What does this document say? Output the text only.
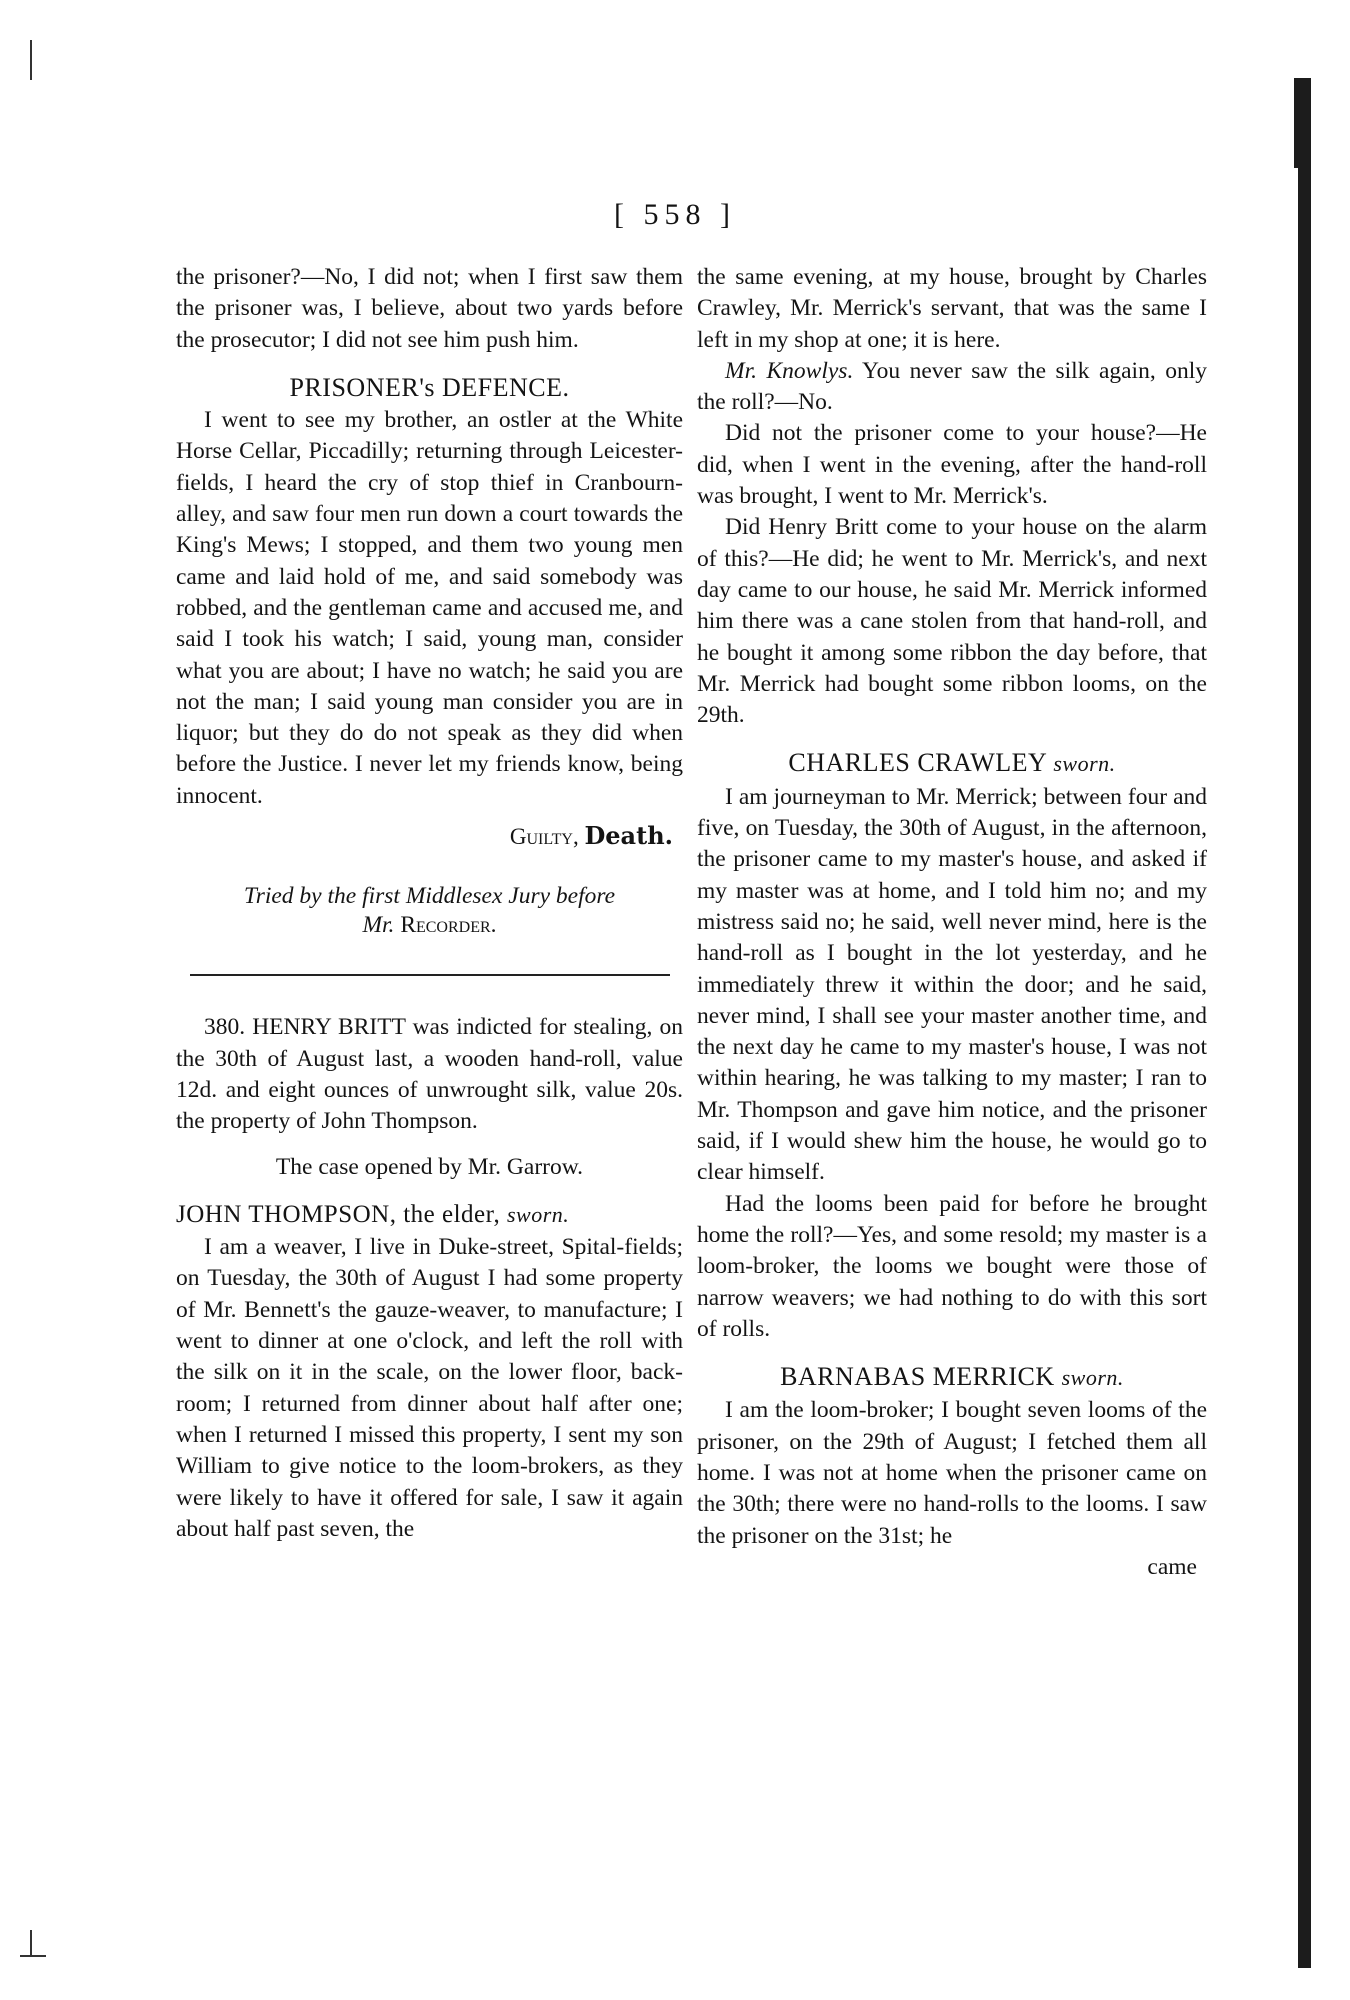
[ 558 ]

the prisoner?—No, I did not; when I first saw them the prisoner was, I believe, about two yards before the prosecutor; I did not see him push him.

PRISONER's DEFENCE.

I went to see my brother, an ostler at the White Horse Cellar, Piccadilly; returning through Leicester-fields, I heard the cry of stop thief in Cranbourn-alley, and saw four men run down a court towards the King's Mews; I stopped, and them two young men came and laid hold of me, and said somebody was robbed, and the gentleman came and accused me, and said I took his watch; I said, young man, consider what you are about; I have no watch; he said you are not the man; I said young man consider you are in liquor; but they do do not speak as they did when before the Justice. I never let my friends know, being innocent.

Guilty, Death.

Tried by the first Middlesex Jury before
Mr. Recorder.

380. HENRY BRITT was indicted for stealing, on the 30th of August last, a wooden hand-roll, value 12d. and eight ounces of unwrought silk, value 20s. the property of John Thompson.

The case opened by Mr. Garrow.

JOHN THOMPSON, the elder, sworn.

I am a weaver, I live in Duke-street, Spital-fields; on Tuesday, the 30th of August I had some property of Mr. Bennett's the gauze-weaver, to manufacture; I went to dinner at one o'clock, and left the roll with the silk on it in the scale, on the lower floor, back-room; I returned from dinner about half after one; when I returned I missed this property, I sent my son William to give notice to the loom-brokers, as they were likely to have it offered for sale, I saw it again about half past seven, the

the same evening, at my house, brought by Charles Crawley, Mr. Merrick's servant, that was the same I left in my shop at one; it is here.

Mr. Knowlys. You never saw the silk again, only the roll?—No.

Did not the prisoner come to your house?—He did, when I went in the evening, after the hand-roll was brought, I went to Mr. Merrick's.

Did Henry Britt come to your house on the alarm of this?—He did; he went to Mr. Merrick's, and next day came to our house, he said Mr. Merrick informed him there was a cane stolen from that hand-roll, and he bought it among some ribbon the day before, that Mr. Merrick had bought some ribbon looms, on the 29th.

CHARLES CRAWLEY sworn.

I am journeyman to Mr. Merrick; between four and five, on Tuesday, the 30th of August, in the afternoon, the prisoner came to my master's house, and asked if my master was at home, and I told him no; and my mistress said no; he said, well never mind, here is the hand-roll as I bought in the lot yesterday, and he immediately threw it within the door; and he said, never mind, I shall see your master another time, and the next day he came to my master's house, I was not within hearing, he was talking to my master; I ran to Mr. Thompson and gave him notice, and the prisoner said, if I would shew him the house, he would go to clear himself.

Had the looms been paid for before he brought home the roll?—Yes, and some resold; my master is a loom-broker, the looms we bought were those of narrow weavers; we had nothing to do with this sort of rolls.

BARNABAS MERRICK sworn.

I am the loom-broker; I bought seven looms of the prisoner, on the 29th of August; I fetched them all home. I was not at home when the prisoner came on the 30th; there were no hand-rolls to the looms. I saw the prisoner on the 31st; he

came
